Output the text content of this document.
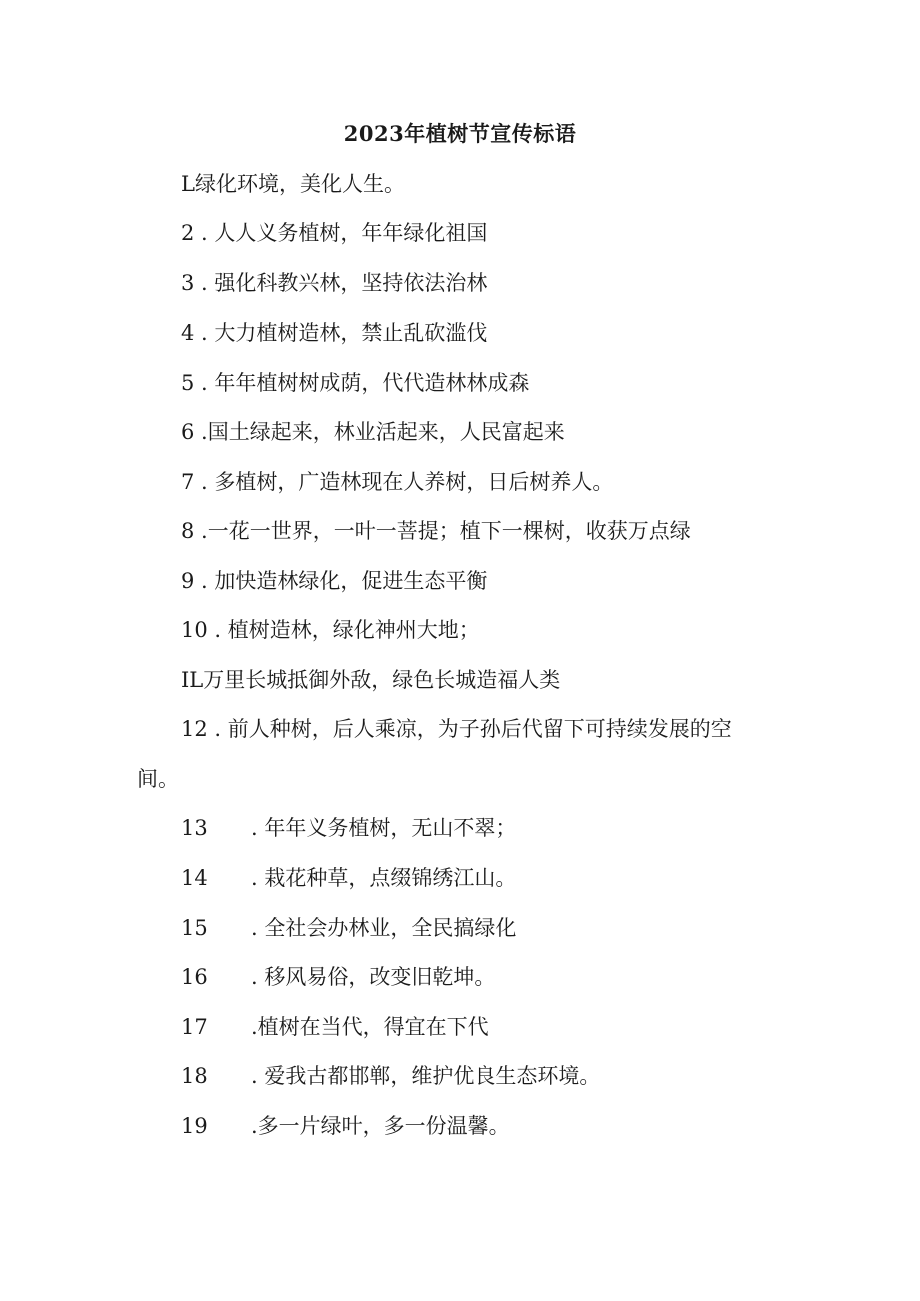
2023年植树节宣传标语
L绿化环境，美化人生。
2 . 人人义务植树，年年绿化祖国
3 . 强化科教兴林，坚持依法治林
4 . 大力植树造林，禁止乱砍滥伐
5 . 年年植树树成荫，代代造林林成森
6 .国土绿起来，林业活起来，人民富起来
7 . 多植树，广造林现在人养树，日后树养人。
8 .一花一世界，一叶一菩提；植下一棵树，收获万点绿
9 . 加快造林绿化，促进生态平衡
10 . 植树造林，绿化神州大地；
IL万里长城抵御外敌，绿色长城造福人类
12 . 前人种树，后人乘凉，为子孙后代留下可持续发展的空
间。
13 . 年年义务植树，无山不翠；
14 . 栽花种草，点缀锦绣江山。
15 . 全社会办林业，全民搞绿化
16 . 移风易俗，改变旧乾坤。
17 .植树在当代，得宜在下代
18 . 爱我古都邯郸，维护优良生态环境。
19 .多一片绿叶，多一份温馨。
